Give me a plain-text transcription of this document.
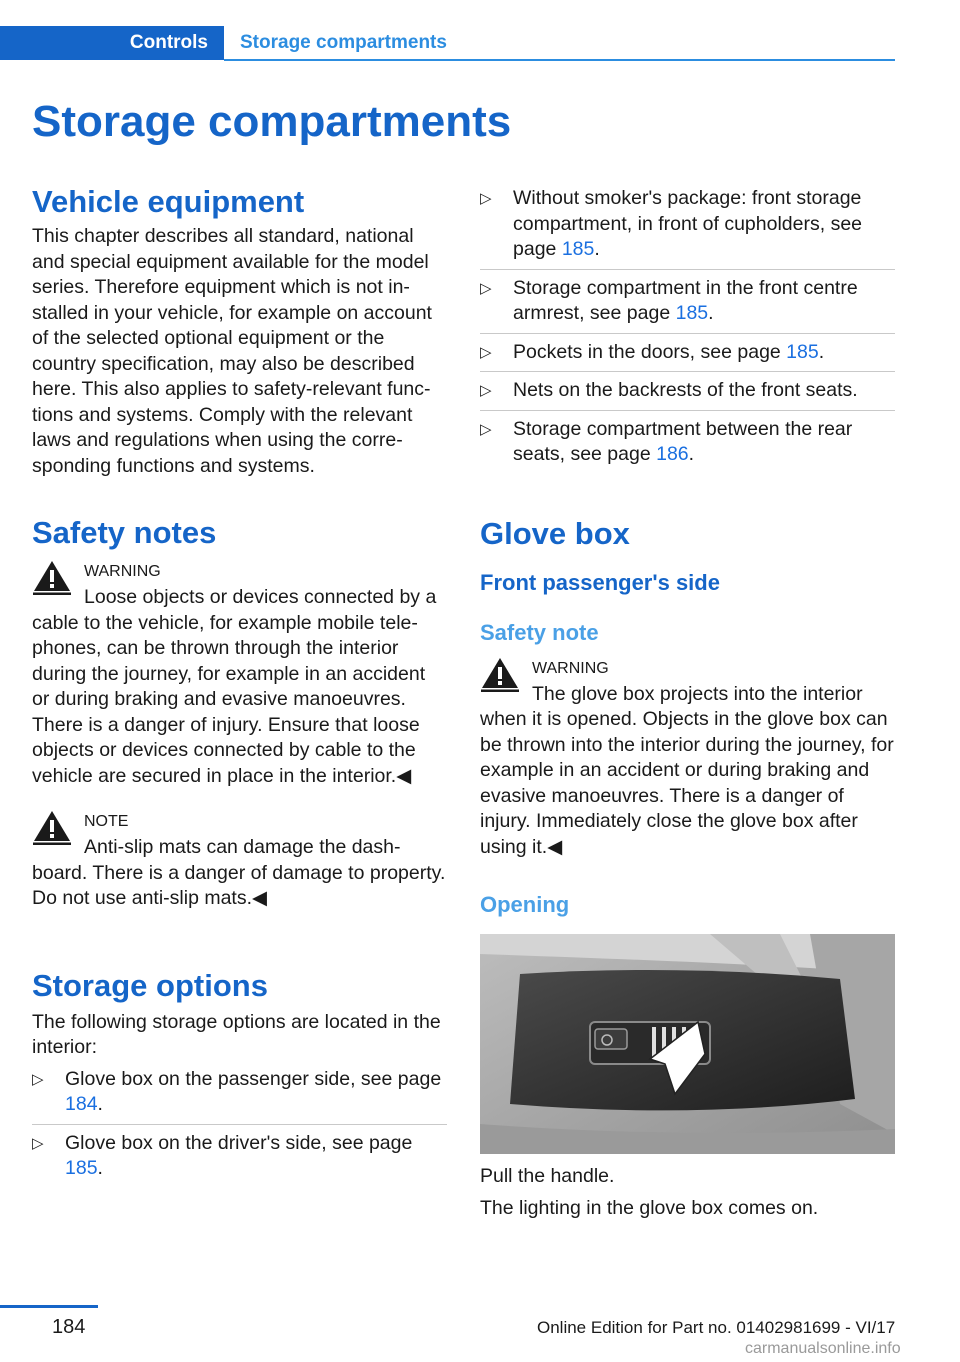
Controls Storage compartments
Storage compartments
Vehicle equipment

This chapter describes all standard, national and special equipment available for the model series. Therefore equipment which is not installed in your vehicle, for example on account of the selected optional equipment or the country specification, may also be described here. This also applies to safety-relevant functions and systems. Comply with the relevant laws and regulations when using the corresponding functions and systems.

Safety notes
WARNING

Loose objects or devices connected by a cable to the vehicle, for example mobile telephones, can be thrown through the interior during the journey, for example in an accident or during braking and evasive manoeuvres. There is a danger of injury. Ensure that loose objects or devices connected by cable to the vehicle are secured in place in the interior.◀

NOTE

Anti-slip mats can damage the dashboard. There is a danger of damage to property. Do not use anti-slip mats.◀

Storage options

The following storage options are located in the interior:

▷ Glove box on the passenger side, see page 184.
▷ Glove box on the driver's side, see page 185.
▷ Without smoker's package: front storage compartment, in front of cupholders, see page 185.
▷ Storage compartment in the front centre armrest, see page 185.
▷ Pockets in the doors, see page 185.
▷ Nets on the backrests of the front seats.
▷ Storage compartment between the rear seats, see page 186.
Glove box
Front passenger's side
Safety note
WARNING

The glove box projects into the interior when it is opened. Objects in the glove box can be thrown into the interior during the journey, for example in an accident or during braking and evasive manoeuvres. There is a danger of injury. Immediately close the glove box after using it.◀

Opening

Pull the handle.

The lighting in the glove box comes on.

184	Online Edition for Part no. 01402981699 - VI/17
carmanualsonline.info
